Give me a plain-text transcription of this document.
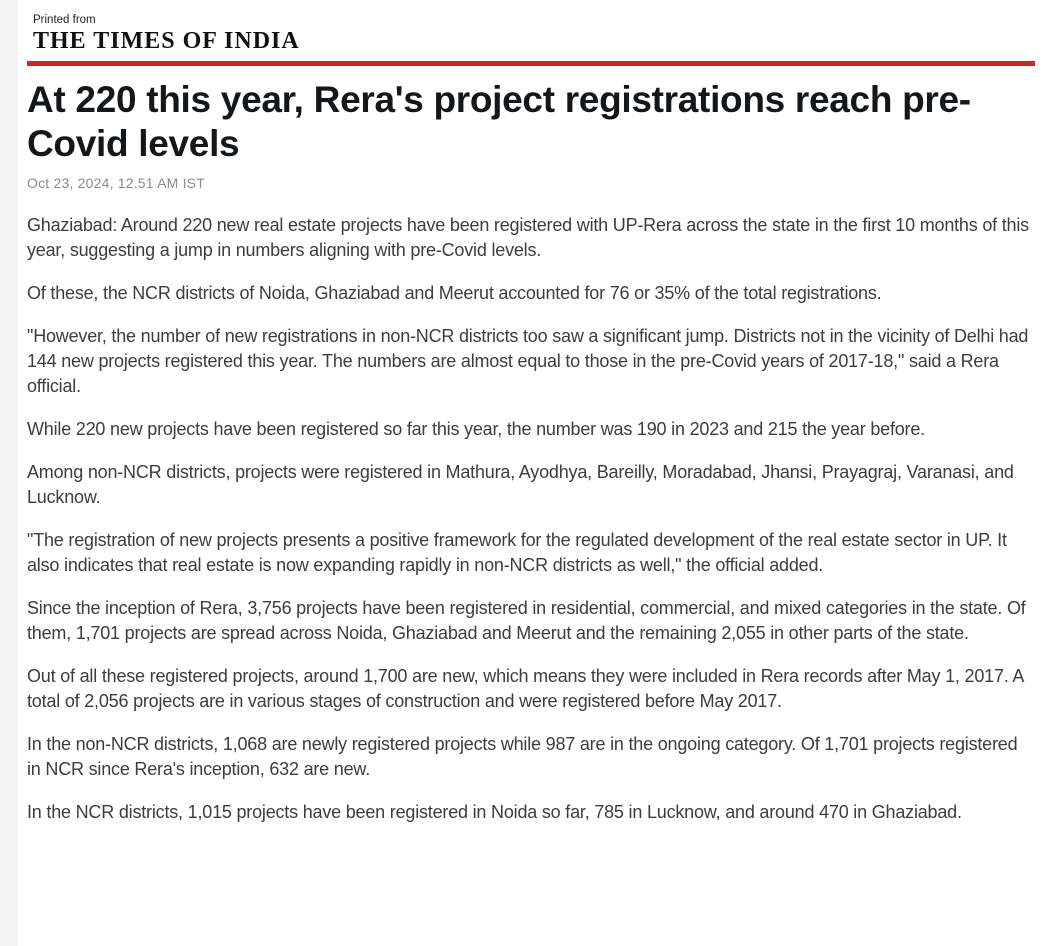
Printed from
THE TIMES OF INDIA
At 220 this year, Rera's project registrations reach pre-Covid levels
Oct 23, 2024, 12.51 AM IST

Ghaziabad: Around 220 new real estate projects have been registered with UP-Rera across the state in the first 10 months of this year, suggesting a jump in numbers aligning with pre-Covid levels.

Of these, the NCR districts of Noida, Ghaziabad and Meerut accounted for 76 or 35% of the total registrations.

"However, the number of new registrations in non-NCR districts too saw a significant jump. Districts not in the vicinity of Delhi had 144 new projects registered this year. The numbers are almost equal to those in the pre-Covid years of 2017-18," said a Rera official.

While 220 new projects have been registered so far this year, the number was 190 in 2023 and 215 the year before.

Among non-NCR districts, projects were registered in Mathura, Ayodhya, Bareilly, Moradabad, Jhansi, Prayagraj, Varanasi, and Lucknow.

"The registration of new projects presents a positive framework for the regulated development of the real estate sector in UP. It also indicates that real estate is now expanding rapidly in non-NCR districts as well," the official added.

Since the inception of Rera, 3,756 projects have been registered in residential, commercial, and mixed categories in the state. Of them, 1,701 projects are spread across Noida, Ghaziabad and Meerut and the remaining 2,055 in other parts of the state.

Out of all these registered projects, around 1,700 are new, which means they were included in Rera records after May 1, 2017. A total of 2,056 projects are in various stages of construction and were registered before May 2017.

In the non-NCR districts, 1,068 are newly registered projects while 987 are in the ongoing category. Of 1,701 projects registered in NCR since Rera's inception, 632 are new.

In the NCR districts, 1,015 projects have been registered in Noida so far, 785 in Lucknow, and around 470 in Ghaziabad.
